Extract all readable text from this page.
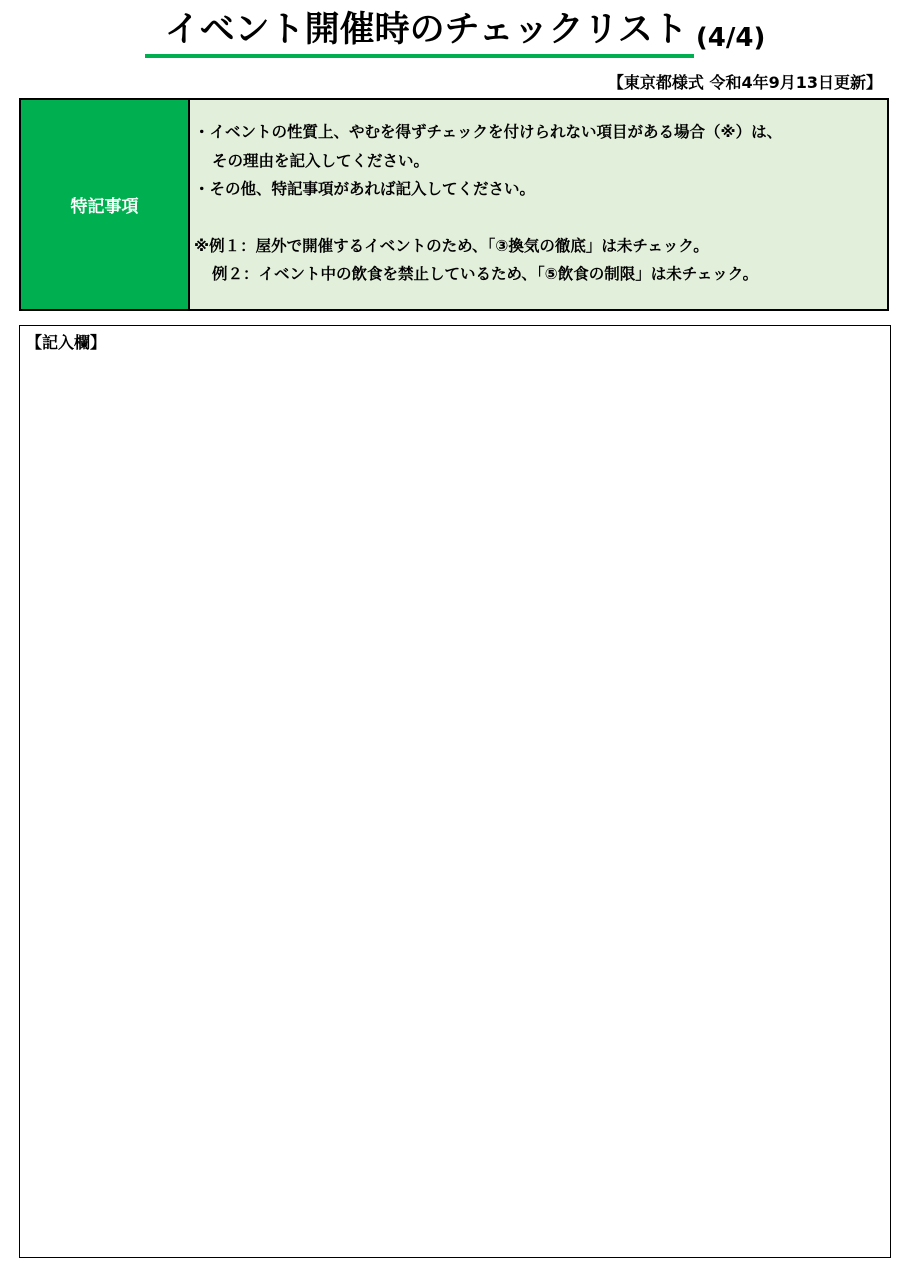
イベント開催時のチェックリスト (4/4)
【東京都様式 令和4年9月13日更新】
特記事項
・イベントの性質上、やむを得ずチェックを付けられない項目がある場合（※）は、
その理由を記入してください。
・その他、特記事項があれば記入してください。
※例１：屋外で開催するイベントのため、「③換気の徹底」は未チェック。
例２：イベント中の飲食を禁止しているため、「⑤飲食の制限」は未チェック。
【記入欄】
